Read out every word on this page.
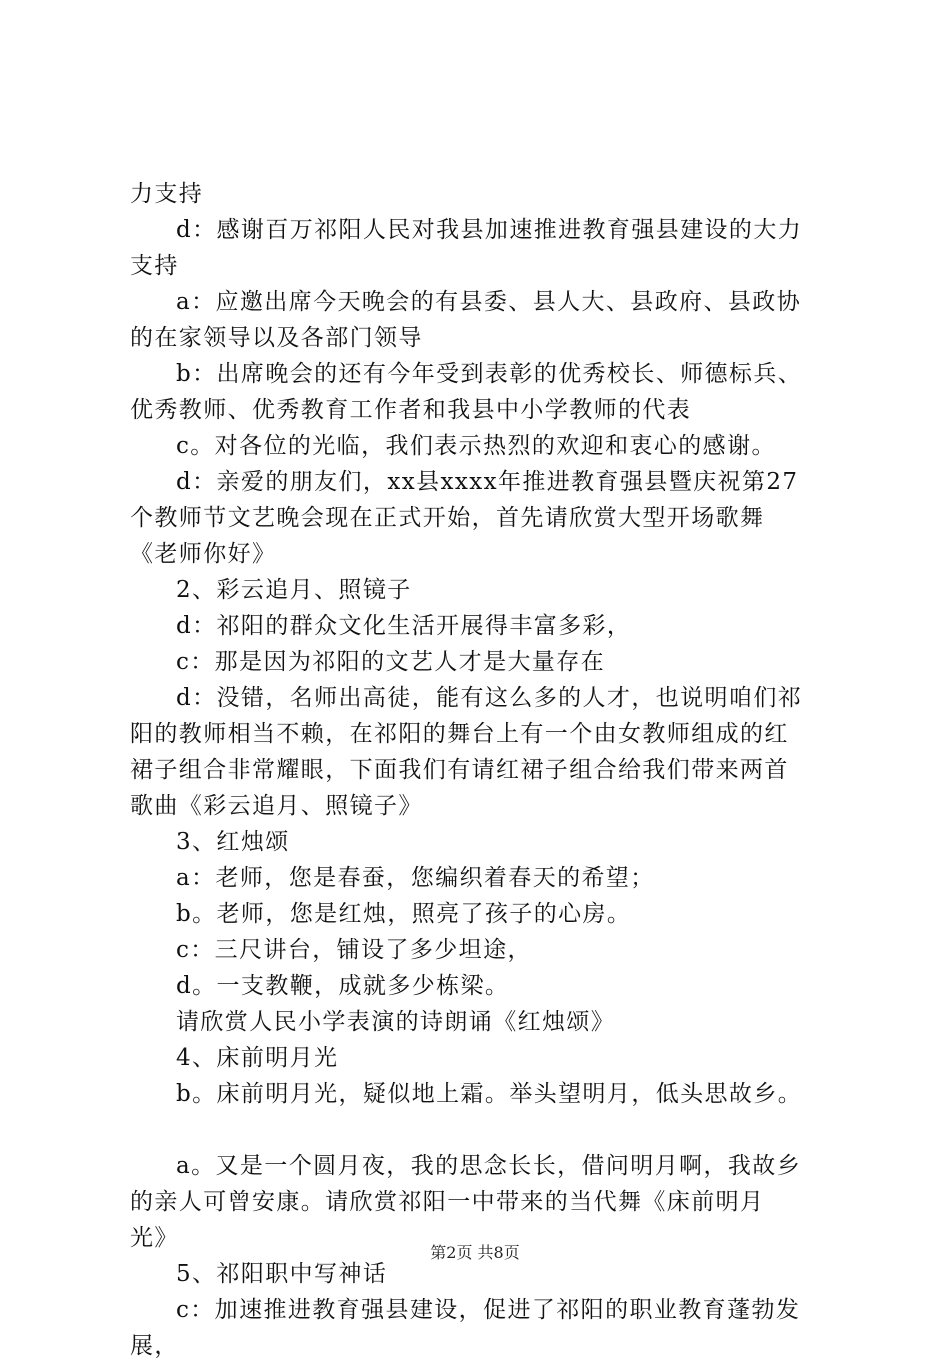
力支持
d：感谢百万祁阳人民对我县加速推进教育强县建设的大力
支持
a：应邀出席今天晚会的有县委、县人大、县政府、县政协
的在家领导以及各部门领导
b：出席晚会的还有今年受到表彰的优秀校长、师德标兵、
优秀教师、优秀教育工作者和我县中小学教师的代表
c。对各位的光临，我们表示热烈的欢迎和衷心的感谢。
d：亲爱的朋友们，xx县xxxx年推进教育强县暨庆祝第27
个教师节文艺晚会现在正式开始，首先请欣赏大型开场歌舞
《老师你好》
2、彩云追月、照镜子
d：祁阳的群众文化生活开展得丰富多彩，
c：那是因为祁阳的文艺人才是大量存在
d：没错，名师出高徒，能有这么多的人才，也说明咱们祁
阳的教师相当不赖，在祁阳的舞台上有一个由女教师组成的红
裙子组合非常耀眼，下面我们有请红裙子组合给我们带来两首
歌曲《彩云追月、照镜子》
3、红烛颂
a：老师，您是春蚕，您编织着春天的希望；
b。老师，您是红烛，照亮了孩子的心房。
c：三尺讲台，铺设了多少坦途，
d。一支教鞭，成就多少栋梁。
请欣赏人民小学表演的诗朗诵《红烛颂》
4、床前明月光
b。床前明月光，疑似地上霜。举头望明月，低头思故乡。
a。又是一个圆月夜，我的思念长长，借问明月啊，我故乡
的亲人可曾安康。请欣赏祁阳一中带来的当代舞《床前明月
光》
5、祁阳职中写神话
c：加速推进教育强县建设，促进了祁阳的职业教育蓬勃发
展，
第2页 共8页
